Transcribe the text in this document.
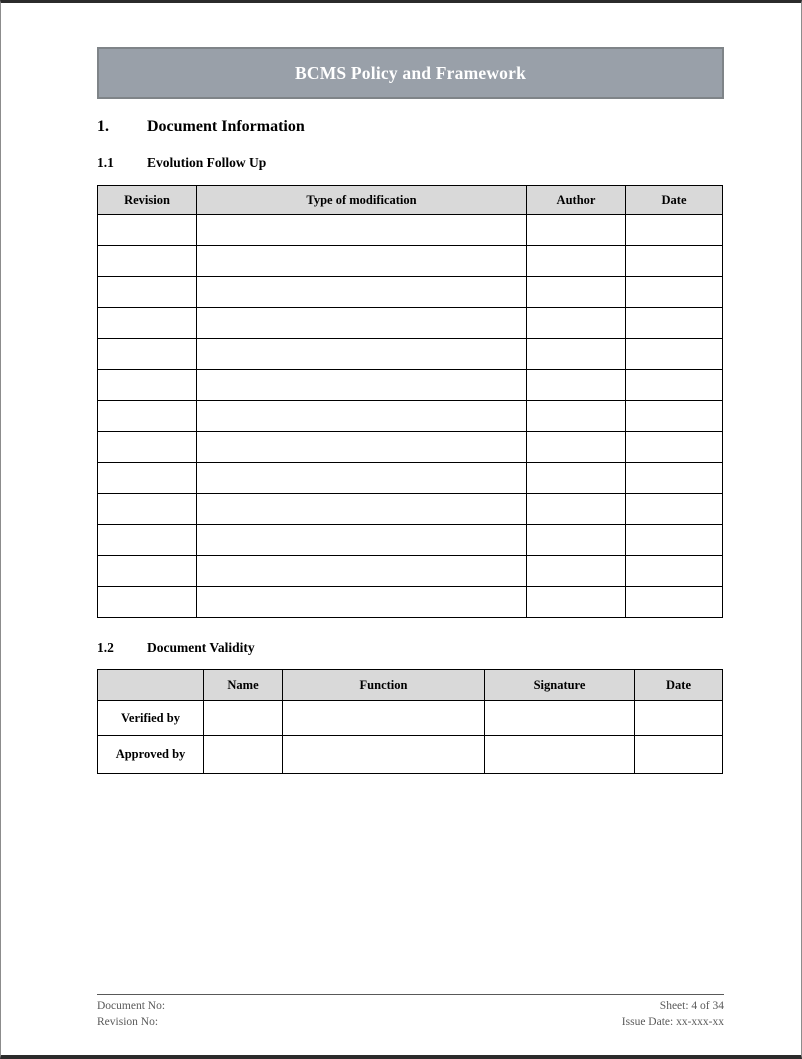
BCMS Policy and Framework
1.	Document Information
1.1	Evolution Follow Up
Revision	Type of modification	Author	Date

1.2	Document Validity
	Name	Function	Signature	Date
Verified by				
Approved by				
Document No:
Revision No:
Sheet: 4 of 34
Issue Date: xx-xxx-xx
